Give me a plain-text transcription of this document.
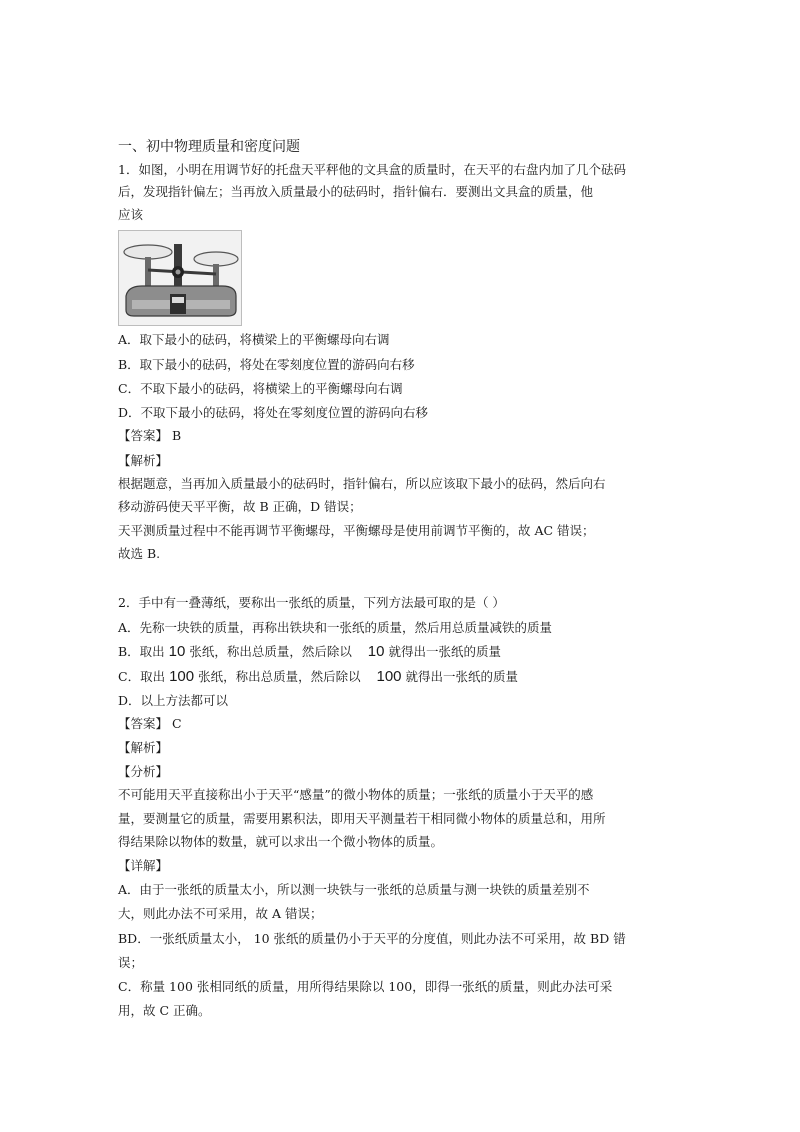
一、初中物理质量和密度问题
1．如图，小明在用调节好的托盘天平秤他的文具盒的质量时，在天平的右盘内加了几个砝码
后，发现指针偏左；当再放入质量最小的砝码时，指针偏右．要测出文具盒的质量，他
应该
A．取下最小的砝码，将横梁上的平衡螺母向右调
B．取下最小的砝码，将处在零刻度位置的游码向右移
C．不取下最小的砝码，将横梁上的平衡螺母向右调
D．不取下最小的砝码，将处在零刻度位置的游码向右移
【答案】 B
【解析】
根据题意，当再加入质量最小的砝码时，指针偏右，所以应该取下最小的砝码，然后向右
移动游码使天平平衡，故 B 正确，D 错误；
天平测质量过程中不能再调节平衡螺母，平衡螺母是使用前调节平衡的，故 AC 错误；
故选 B.
2．手中有一叠薄纸，要称出一张纸的质量，下列方法最可取的是（ ）
A．先称一块铁的质量，再称出铁块和一张纸的质量，然后用总质量减铁的质量
B．取出 10 张纸，称出总质量，然后除以 10 就得出一张纸的质量
C．取出 100 张纸，称出总质量，然后除以 100 就得出一张纸的质量
D．以上方法都可以
【答案】 C
【解析】
【分析】
不可能用天平直接称出小于天平“感量”的微小物体的质量；一张纸的质量小于天平的感
量，要测量它的质量，需要用累积法，即用天平测量若干相同微小物体的质量总和，用所
得结果除以物体的数量，就可以求出一个微小物体的质量。
【详解】
A．由于一张纸的质量太小，所以测一块铁与一张纸的总质量与测一块铁的质量差别不
大，则此办法不可采用，故 A 错误；
BD．一张纸质量太小， 10 张纸的质量仍小于天平的分度值，则此办法不可采用，故 BD 错
误；
C．称量 100 张相同纸的质量，用所得结果除以 100，即得一张纸的质量，则此办法可采
用，故 C 正确。
